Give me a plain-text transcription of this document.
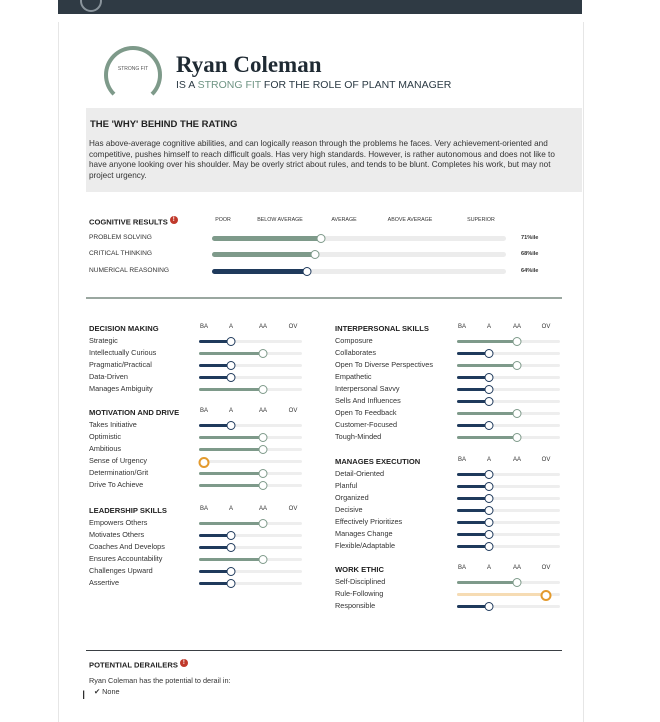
STRONG FIT	Ryan Coleman
IS A STRONG FIT FOR THE ROLE OF PLANT MANAGER
THE 'WHY' BEHIND THE RATING

Has above-average cognitive abilities, and can logically reason through the problems he faces. Very achievement-oriented and competitive, pushes himself to reach difficult goals. Has very high standards. However, is rather autonomous and does not like to have anyone looking over his shoulder. May be overly strict about rules, and tends to be blunt. Completes his work, but may not project urgency.

COGNITIVE RESULTS !	POOR	BELOW AVERAGE	AVERAGE	ABOVE AVERAGE	SUPERIOR
PROBLEM SOLVING	71%ile
CRITICAL THINKING	68%ile
NUMERICAL REASONING	64%ile
DECISION MAKING	BA	A	AA	OV
Strategic
Intellectually Curious
Pragmatic/Practical
Data-Driven
Manages Ambiguity
MOTIVATION AND DRIVE	BA	A	AA	OV
Takes Initiative
Optimistic
Ambitious
Sense of Urgency
Determination/Grit
Drive To Achieve
LEADERSHIP SKILLS	BA	A	AA	OV
Empowers Others
Motivates Others
Coaches And Develops
Ensures Accountability
Challenges Upward
Assertive
INTERPERSONAL SKILLS	BA	A	AA	OV
Composure
Collaborates
Open To Diverse Perspectives
Empathetic
Interpersonal Savvy
Sells And Influences
Open To Feedback
Customer-Focused
Tough-Minded
MANAGES EXECUTION	BA	A	AA	OV
Detail-Oriented
Planful
Organized
Decisive
Effectively Prioritizes
Manages Change
Flexible/Adaptable
WORK ETHIC	BA	A	AA	OV
Self-Disciplined
Rule-Following
Responsible
POTENTIAL DERAILERS !
Ryan Coleman has the potential to derail in:
✔ None
I
